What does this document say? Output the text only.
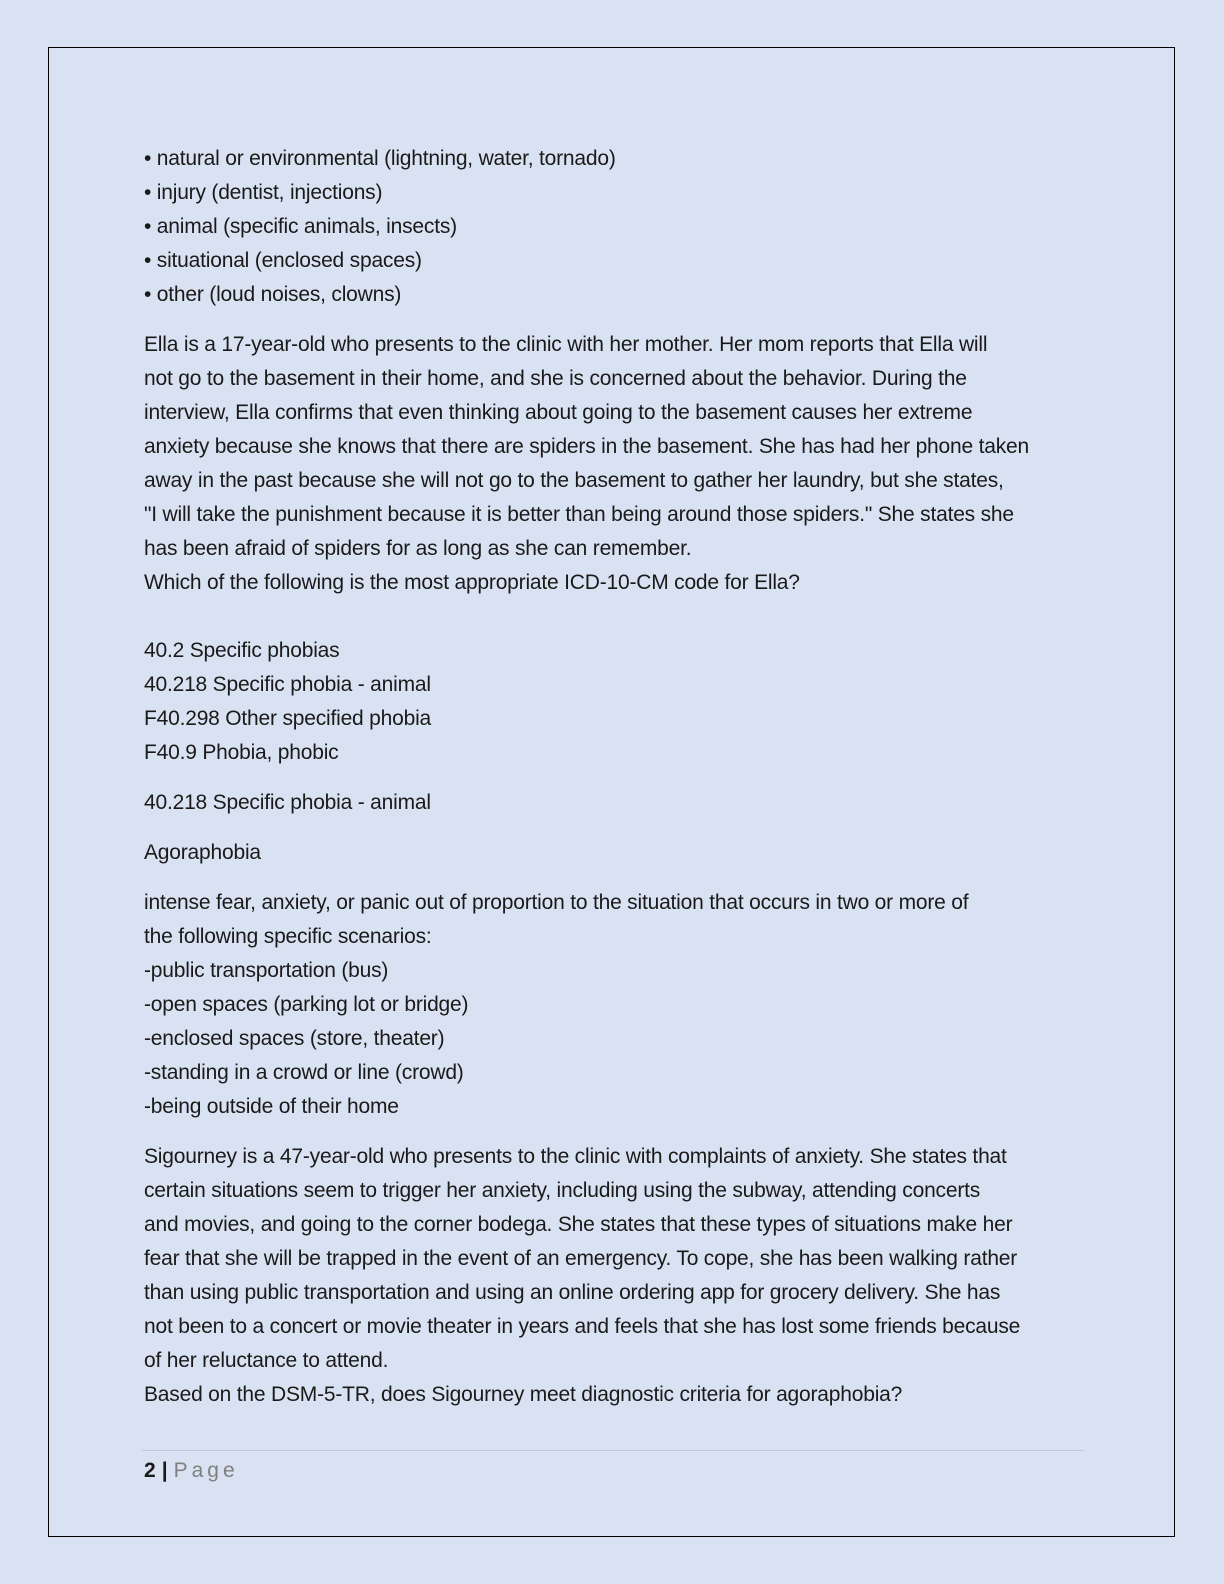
• natural or environmental (lightning, water, tornado)
• injury (dentist, injections)
• animal (specific animals, insects)
• situational (enclosed spaces)
• other (loud noises, clowns)
Ella is a 17-year-old who presents to the clinic with her mother. Her mom reports that Ella will
not go to the basement in their home, and she is concerned about the behavior. During the
interview, Ella confirms that even thinking about going to the basement causes her extreme
anxiety because she knows that there are spiders in the basement. She has had her phone taken
away in the past because she will not go to the basement to gather her laundry, but she states,
"I will take the punishment because it is better than being around those spiders." She states she
has been afraid of spiders for as long as she can remember.
Which of the following is the most appropriate ICD-10-CM code for Ella?
40.2 Specific phobias
40.218 Specific phobia - animal
F40.298 Other specified phobia
F40.9 Phobia, phobic
40.218 Specific phobia - animal
Agoraphobia
intense fear, anxiety, or panic out of proportion to the situation that occurs in two or more of
the following specific scenarios:
-public transportation (bus)
-open spaces (parking lot or bridge)
-enclosed spaces (store, theater)
-standing in a crowd or line (crowd)
-being outside of their home
Sigourney is a 47-year-old who presents to the clinic with complaints of anxiety. She states that
certain situations seem to trigger her anxiety, including using the subway, attending concerts
and movies, and going to the corner bodega. She states that these types of situations make her
fear that she will be trapped in the event of an emergency. To cope, she has been walking rather
than using public transportation and using an online ordering app for grocery delivery. She has
not been to a concert or movie theater in years and feels that she has lost some friends because
of her reluctance to attend.
Based on the DSM-5-TR, does Sigourney meet diagnostic criteria for agoraphobia?
2 | Page
